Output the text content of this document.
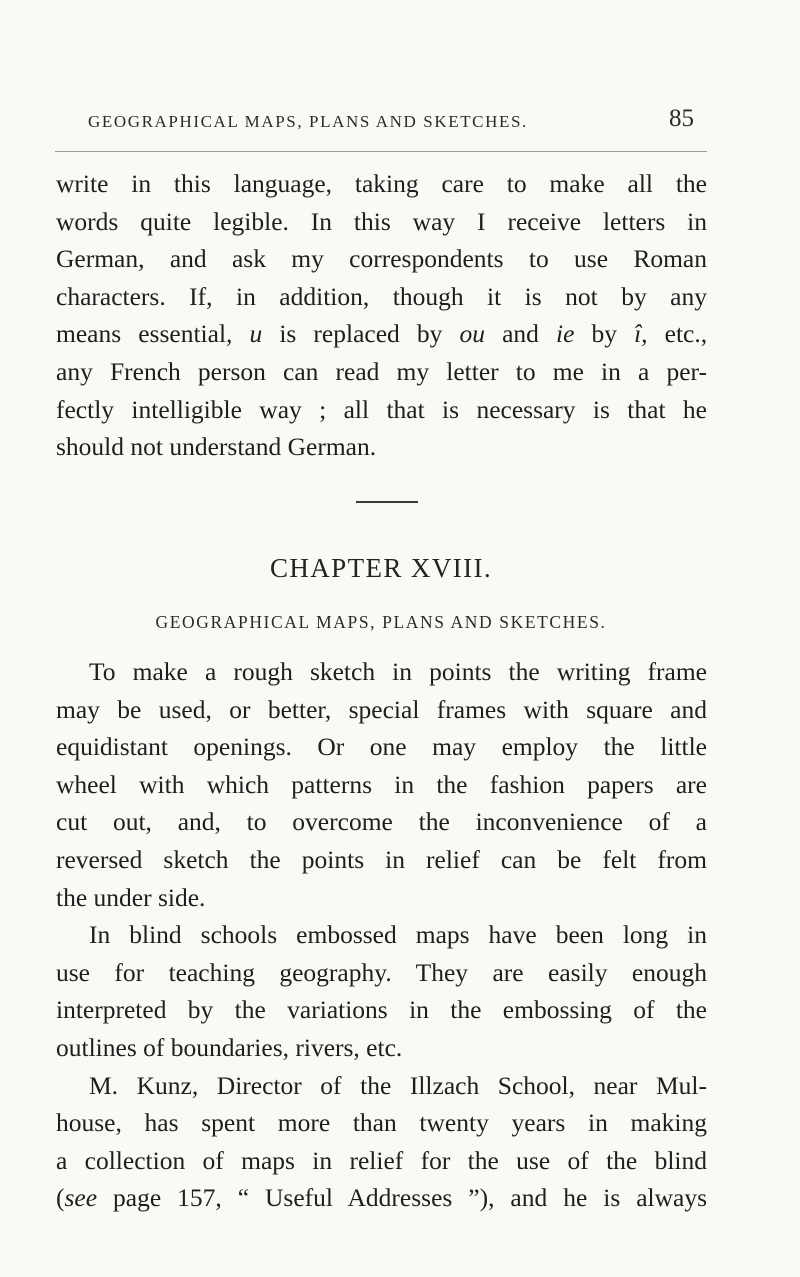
GEOGRAPHICAL MAPS, PLANS AND SKETCHES.	85
write in this language, taking care to make all the
words quite legible. In this way I receive letters in
German, and ask my correspondents to use Roman
characters. If, in addition, though it is not by any
means essential, u is replaced by ou and ie by î, etc.,
any French person can read my letter to me in a per-
fectly intelligible way ; all that is necessary is that he
should not understand German.
CHAPTER XVIII.
GEOGRAPHICAL MAPS, PLANS AND SKETCHES.
To make a rough sketch in points the writing frame
may be used, or better, special frames with square and
equidistant openings. Or one may employ the little
wheel with which patterns in the fashion papers are
cut out, and, to overcome the inconvenience of a
reversed sketch the points in relief can be felt from
the under side.
In blind schools embossed maps have been long in
use for teaching geography. They are easily enough
interpreted by the variations in the embossing of the
outlines of boundaries, rivers, etc.
M. Kunz, Director of the Illzach School, near Mul-
house, has spent more than twenty years in making
a collection of maps in relief for the use of the blind
(see page 157, “ Useful Addresses ”), and he is always
